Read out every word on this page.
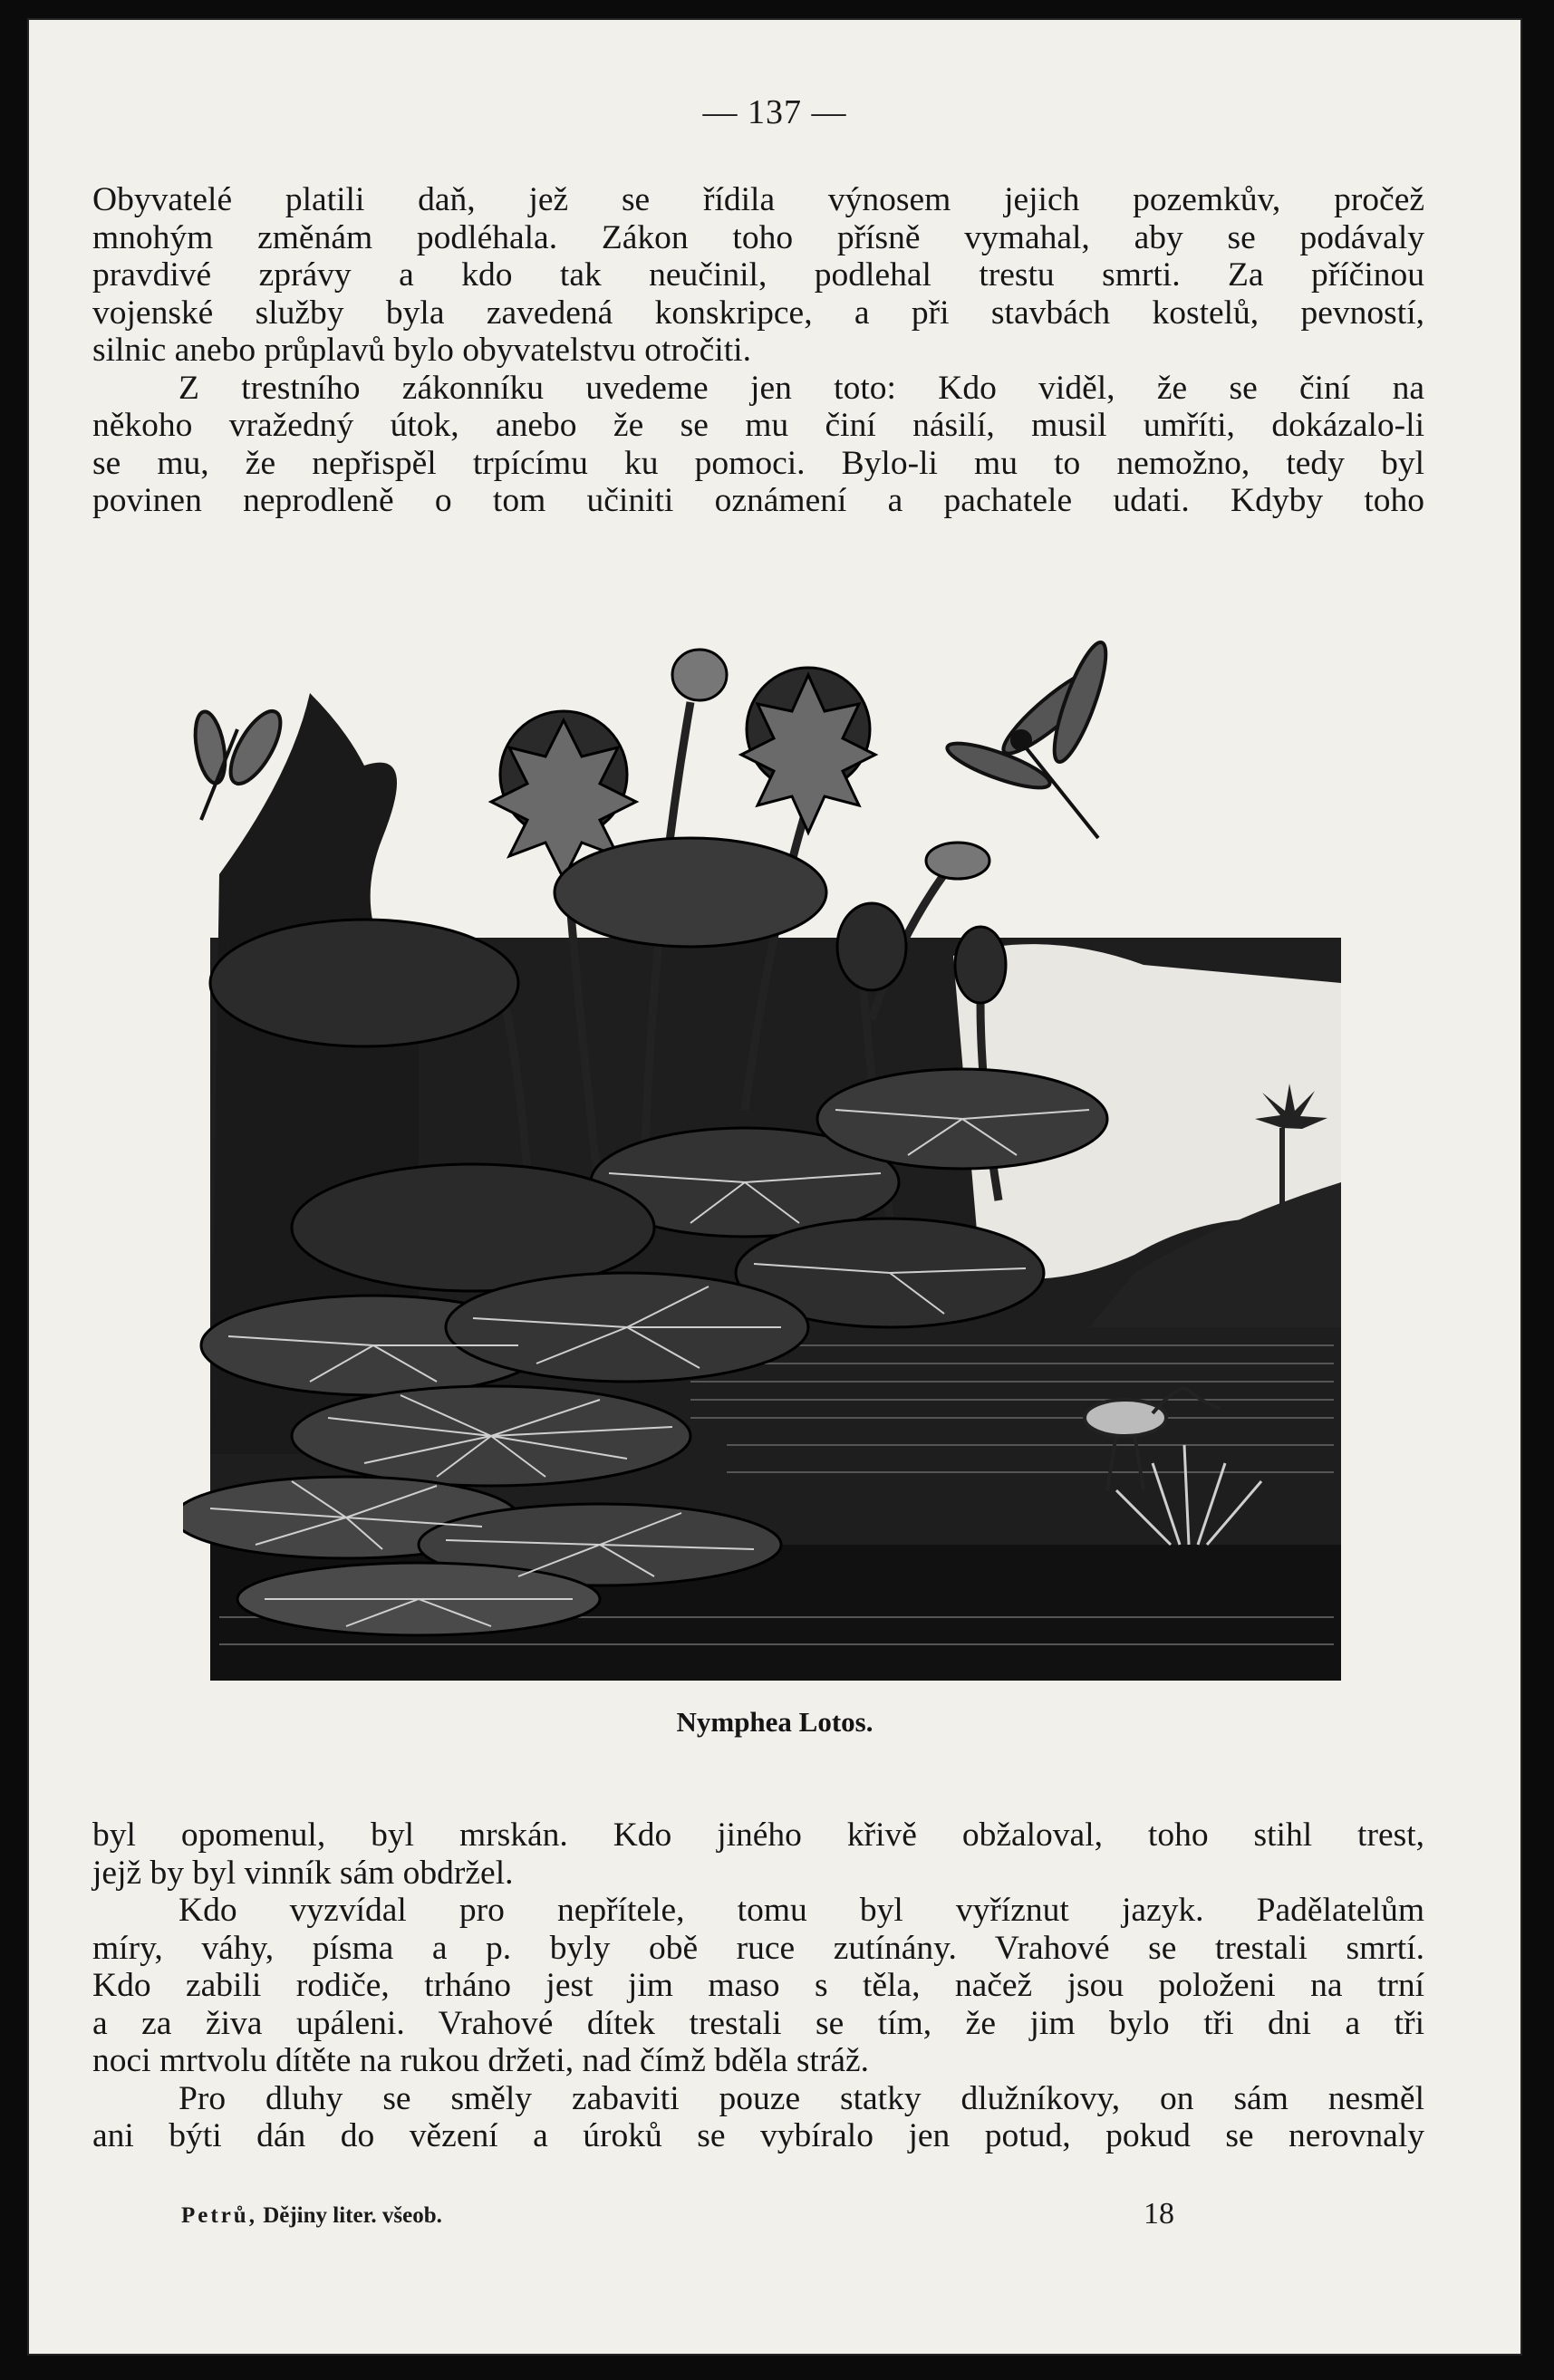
— 137 —

Obyvatelé platili daň, jež se řídila výnosem jejich pozemkův, pročež

mnohým změnám podléhala. Zákon toho přísně vymahal, aby se podávaly

pravdivé zprávy a kdo tak neučinil, podlehal trestu smrti. Za příčinou

vojenské služby byla zavedená konskripce, a při stavbách kostelů, pevností,

silnic anebo průplavů bylo obyvatelstvu otročiti.

Z trestního zákonníku uvedeme jen toto: Kdo viděl, že se činí na

někoho vražedný útok, anebo že se mu činí násilí, musil umříti, dokázalo-li

se mu, že nepřispěl trpícímu ku pomoci. Bylo-li mu to nemožno, tedy byl

povinen neprodleně o tom učiniti oznámení a pachatele udati. Kdyby toho

Nymphea Lotos.

byl opomenul, byl mrskán. Kdo jiného křivě obžaloval, toho stihl trest,

jejž by byl vinník sám obdržel.

Kdo vyzvídal pro nepřítele, tomu byl vyříznut jazyk. Padělatelům

míry, váhy, písma a p. byly obě ruce zutínány. Vrahové se trestali smrtí.

Kdo zabili rodiče, trháno jest jim maso s těla, načež jsou položeni na trní

a za živa upáleni. Vrahové dítek trestali se tím, že jim bylo tři dni a tři

noci mrtvolu dítěte na rukou držeti, nad čímž bděla stráž.

Pro dluhy se směly zabaviti pouze statky dlužníkovy, on sám nesměl

ani býti dán do vězení a úroků se vybíralo jen potud, pokud se nerovnaly

Petrů, Dějiny liter. všeob.	18
